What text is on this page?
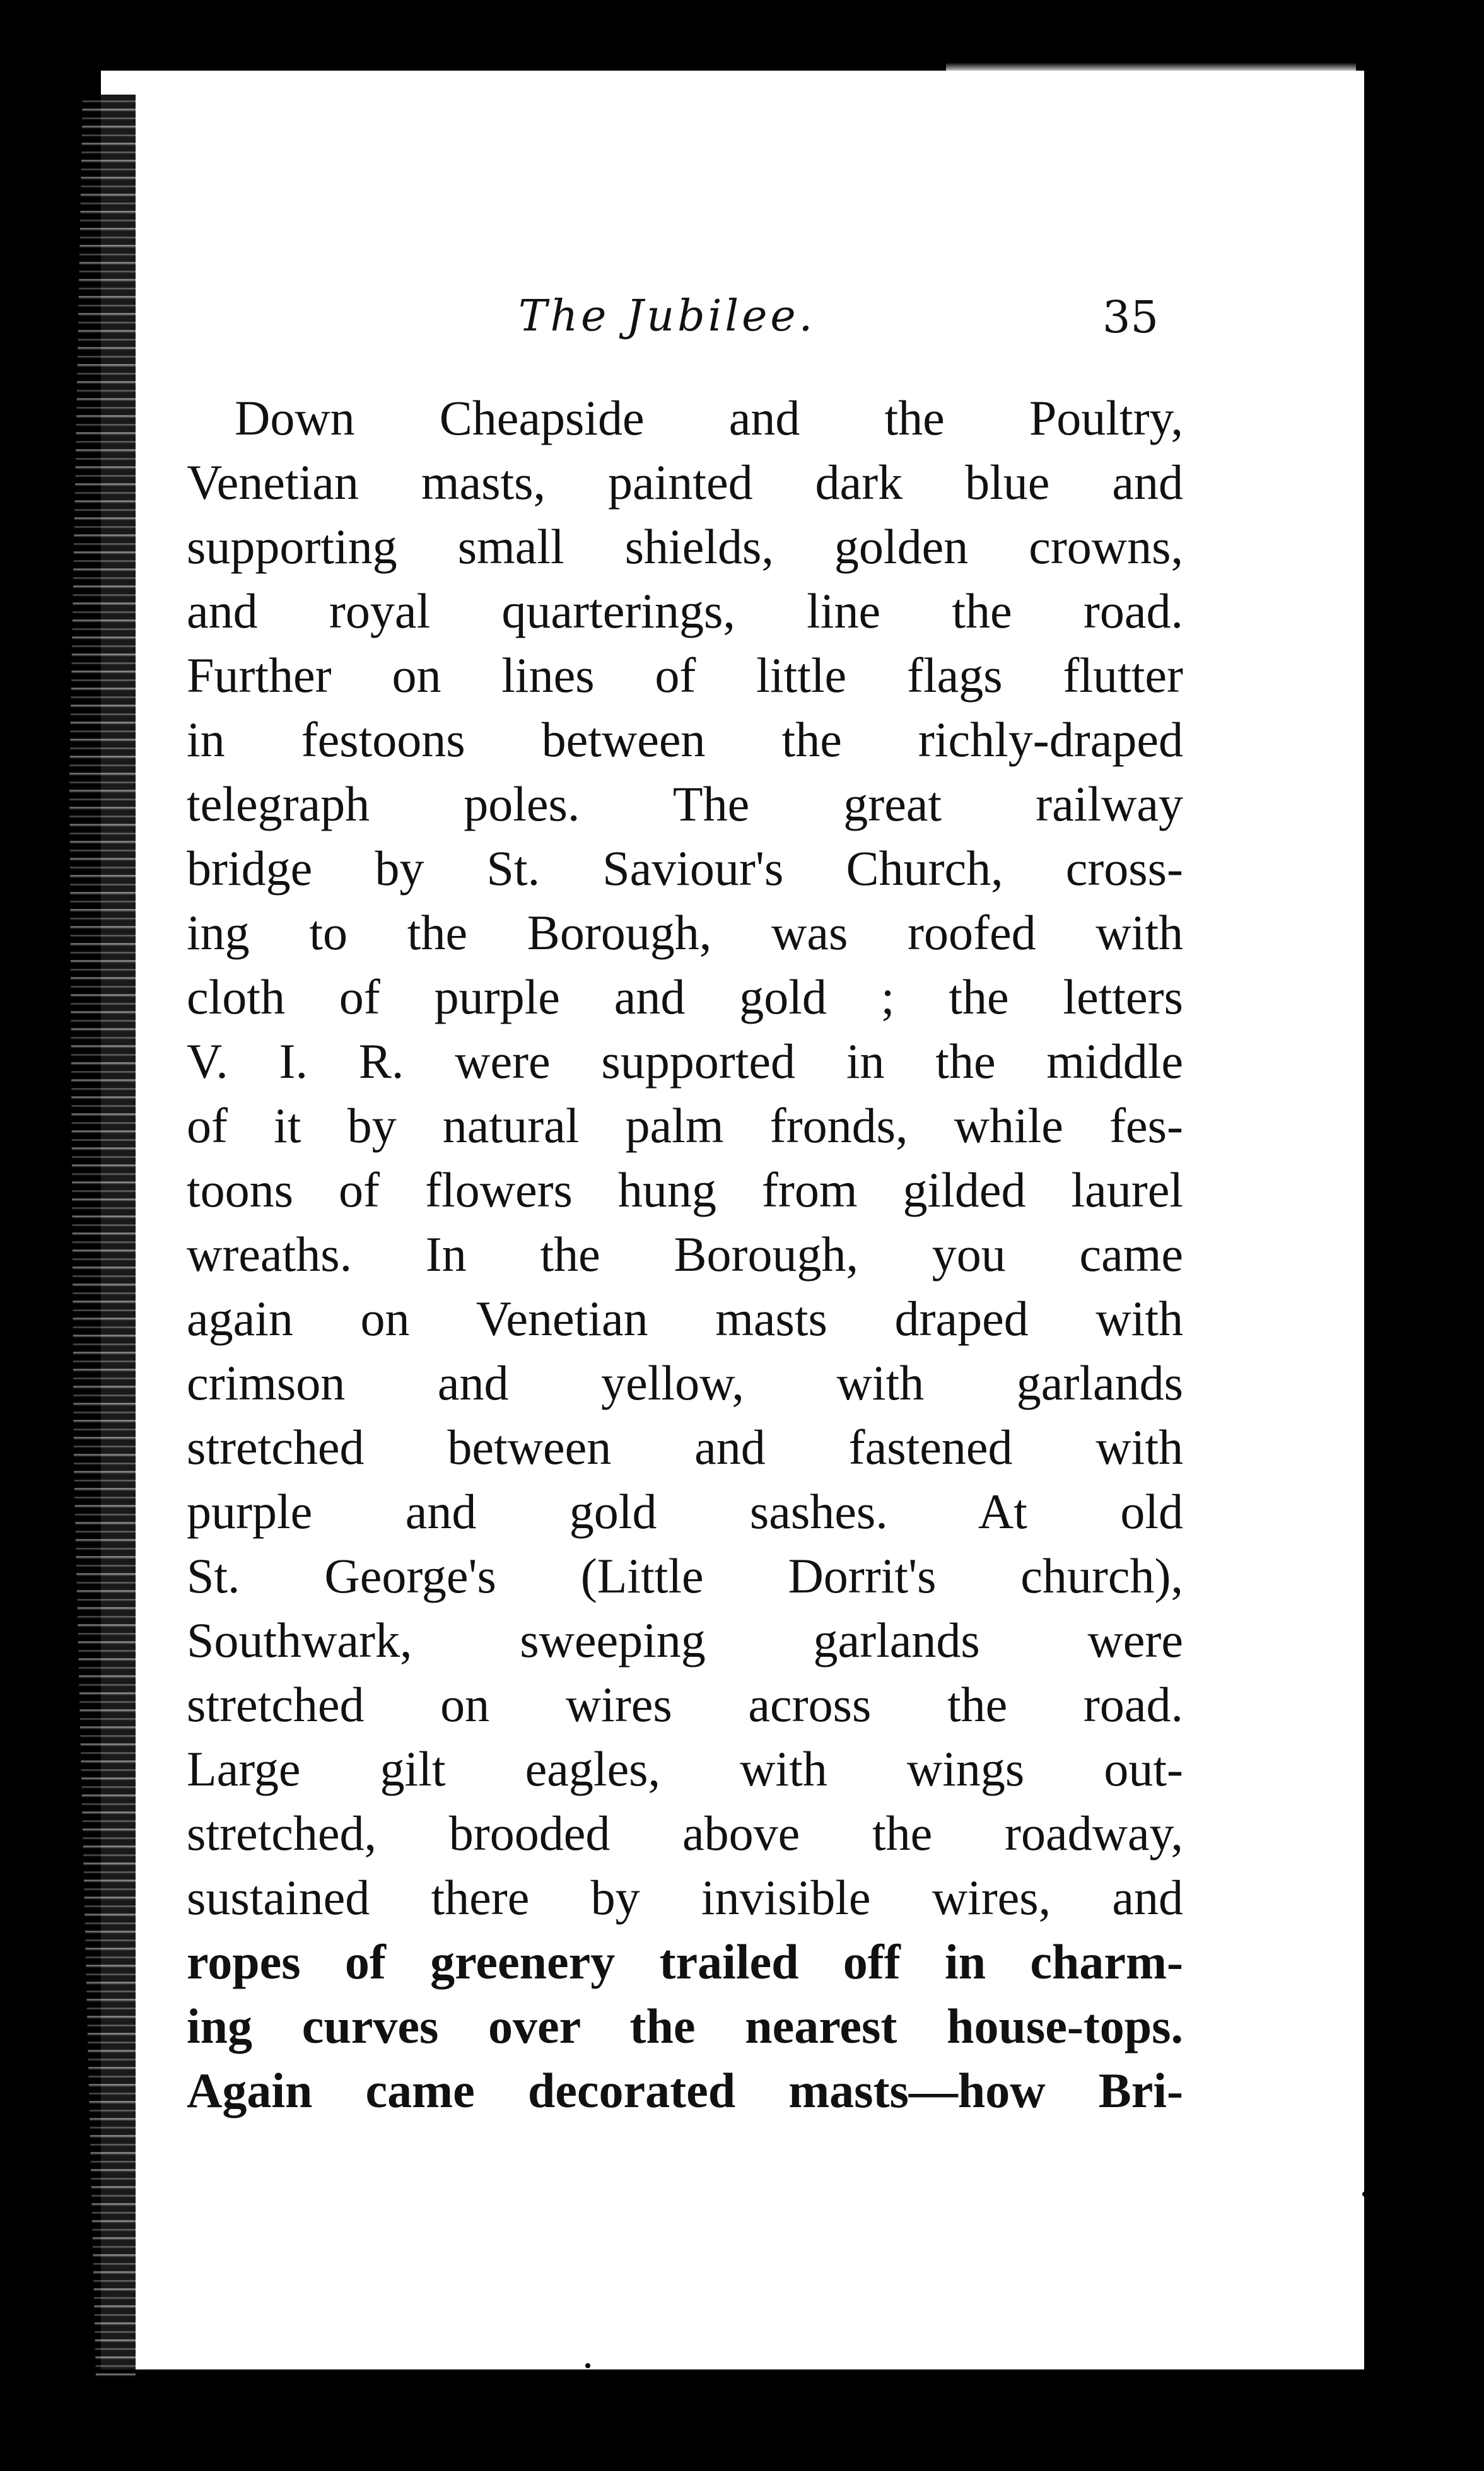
The Jubilee.
Down Cheapside and the Poultry,
Venetian masts, painted dark blue and
supporting small shields, golden crowns,
and royal quarterings, line the road.
Further on lines of little flags flutter
in festoons between the richly-draped
telegraph poles. The great railway
bridge by St. Saviour's Church, cross-
ing to the Borough, was roofed with
cloth of purple and gold ; the letters
V. I. R. were supported in the middle
of it by natural palm fronds, while fes-
toons of flowers hung from gilded laurel
wreaths. In the Borough, you came
again on Venetian masts draped with
crimson and yellow, with garlands
stretched between and fastened with
purple and gold sashes. At old
St. George's (Little Dorrit's church),
Southwark, sweeping garlands were
stretched on wires across the road.
Large gilt eagles, with wings out-
stretched, brooded above the roadway,
sustained there by invisible wires, and
ropes of greenery trailed off in charm-
ing curves over the nearest house-tops.
Again came decorated masts—how Bri-
